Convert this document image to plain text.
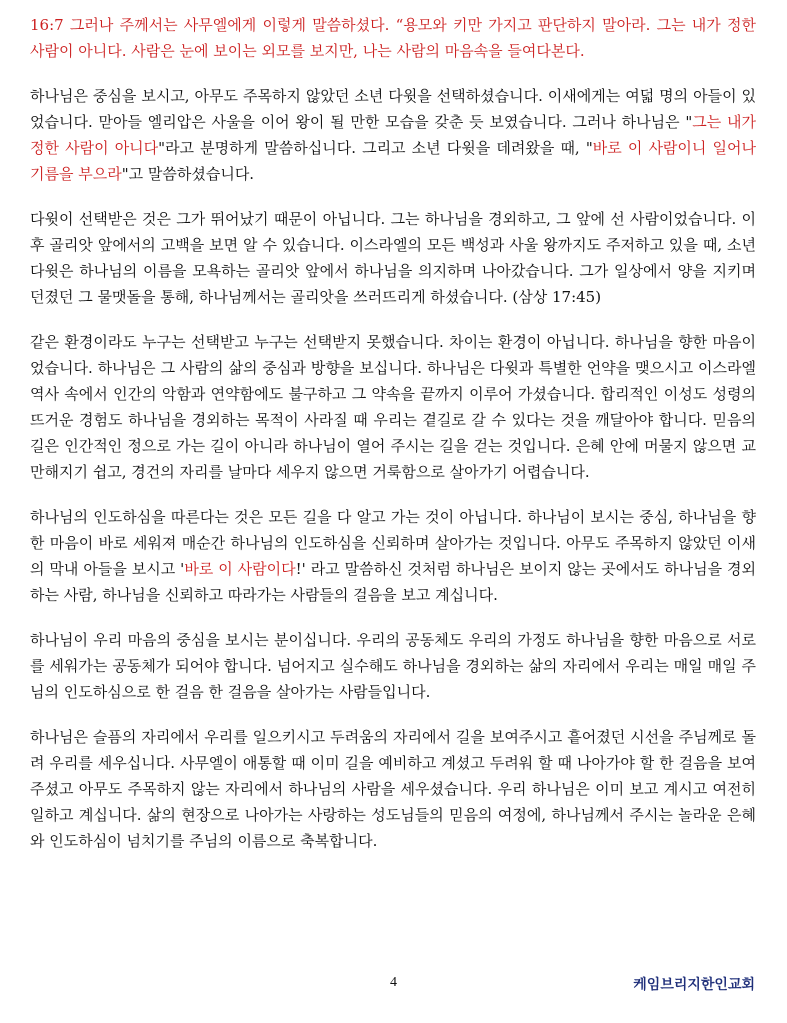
16:7 그러나 주께서는 사무엘에게 이렇게 말씀하셨다. “용모와 키만 가지고 판단하지 말아라. 그는 내가 정한 사람이 아니다. 사람은 눈에 보이는 외모를 보지만, 나는 사람의 마음속을 들여다본다.

하나님은 중심을 보시고, 아무도 주목하지 않았던 소년 다윗을 선택하셨습니다. 이새에게는 여덟 명의 아들이 있었습니다. 맏아들 엘리압은 사울을 이어 왕이 될 만한 모습을 갖춘 듯 보였습니다. 그러나 하나님은 "그는 내가 정한 사람이 아니다"라고 분명하게 말씀하십니다. 그리고 소년 다윗을 데려왔을 때, "바로 이 사람이니 일어나 기름을 부으라"고 말씀하셨습니다.

다윗이 선택받은 것은 그가 뛰어났기 때문이 아닙니다. 그는 하나님을 경외하고, 그 앞에 선 사람이었습니다. 이후 골리앗 앞에서의 고백을 보면 알 수 있습니다. 이스라엘의 모든 백성과 사울 왕까지도 주저하고 있을 때, 소년 다윗은 하나님의 이름을 모욕하는 골리앗 앞에서 하나님을 의지하며 나아갔습니다. 그가 일상에서 양을 지키며 던졌던 그 물맷돌을 통해, 하나님께서는 골리앗을 쓰러뜨리게 하셨습니다. (삼상 17:45)

같은 환경이라도 누구는 선택받고 누구는 선택받지 못했습니다. 차이는 환경이 아닙니다. 하나님을 향한 마음이었습니다. 하나님은 그 사람의 삶의 중심과 방향을 보십니다. 하나님은 다윗과 특별한 언약을 맺으시고 이스라엘 역사 속에서 인간의 악함과 연약함에도 불구하고 그 약속을 끝까지 이루어 가셨습니다. 합리적인 이성도 성령의 뜨거운 경험도 하나님을 경외하는 목적이 사라질 때 우리는 곁길로 갈 수 있다는 것을 깨달아야 합니다. 믿음의 길은 인간적인 정으로 가는 길이 아니라 하나님이 열어 주시는 길을 걷는 것입니다. 은혜 안에 머물지 않으면 교만해지기 쉽고, 경건의 자리를 날마다 세우지 않으면 거룩함으로 살아가기 어렵습니다.

하나님의 인도하심을 따른다는 것은 모든 길을 다 알고 가는 것이 아닙니다. 하나님이 보시는 중심, 하나님을 향한 마음이 바로 세워져 매순간 하나님의 인도하심을 신뢰하며 살아가는 것입니다. 아무도 주목하지 않았던 이새의 막내 아들을 보시고 '바로 이 사람이다!' 라고 말씀하신 것처럼 하나님은 보이지 않는 곳에서도 하나님을 경외하는 사람, 하나님을 신뢰하고 따라가는 사람들의 걸음을 보고 계십니다.

하나님이 우리 마음의 중심을 보시는 분이십니다. 우리의 공동체도 우리의 가정도 하나님을 향한 마음으로 서로를 세워가는 공동체가 되어야 합니다. 넘어지고 실수해도 하나님을 경외하는 삶의 자리에서 우리는 매일 매일 주님의 인도하심으로 한 걸음 한 걸음을 살아가는 사람들입니다.

하나님은 슬픔의 자리에서 우리를 일으키시고 두려움의 자리에서 길을 보여주시고 흩어졌던 시선을 주님께로 돌려 우리를 세우십니다. 사무엘이 애통할 때 이미 길을 예비하고 계셨고 두려워 할 때 나아가야 할 한 걸음을 보여주셨고 아무도 주목하지 않는 자리에서 하나님의 사람을 세우셨습니다. 우리 하나님은 이미 보고 계시고 여전히 일하고 계십니다. 삶의 현장으로 나아가는 사랑하는 성도님들의 믿음의 여정에, 하나님께서 주시는 놀라운 은혜와 인도하심이 넘치기를 주님의 이름으로 축복합니다.

4	케임브리지한인교회
